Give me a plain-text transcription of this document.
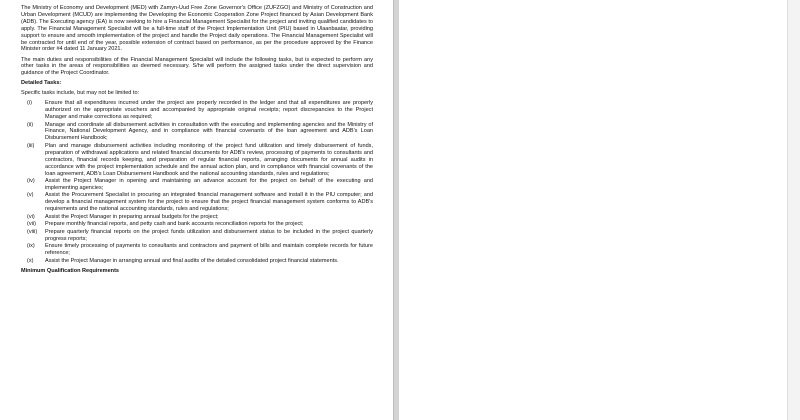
The Ministry of Economy and Development (MED) with Zamyn-Uud Free Zone Governor's Office (ZUFZGO) and Ministry of Construction and Urban Development (MCUD) are implementing the Developing the Economic Cooperation Zone Project financed by Asian Development Bank (ADB). The Executing agency (EA) is now seeking to hire a Financial Management Specialist for the project and inviting qualified candidates to apply. The Financial Management Specialist will be a full-time staff of the Project Implementation Unit (PIU) based in Ulaanbaatar, providing support to ensure and smooth implementation of the project and handle the Project daily operations. The Financial Management Specialist will be contracted for until end of the year, possible extension of contract based on performance, as per the procedure approved by the Finance Minister order #4 dated 11 January 2021.

The main duties and responsibilities of the Financial Management Specialist will include the following tasks, but is expected to perform any other tasks in the areas of responsibilities as deemed necessary. S/he will perform the assigned tasks under the direct supervision and guidance of the Project Coordinator.

Detailed Tasks:
Specific tasks include, but may not be limited to:
(i)	Ensure that all expenditures incurred under the project are properly recorded in the ledger and that all expenditures are properly authorized on the appropriate vouchers and accompanied by appropriate original receipts; report discrepancies to the Project Manager and make corrections as required;
(ii)	Manage and coordinate all disbursement activities in consultation with the executing and implementing agencies and the Ministry of Finance, National Development Agency, and in compliance with financial covenants of the loan agreement and ADB's Loan Disbursement Handbook;
(iii)	Plan and manage disbursement activities including monitoring of the project fund utilization and timely disbursement of funds, preparation of withdrawal applications and related financial documents for ADB's review, processing of payments to consultants and contractors, financial records keeping, and preparation of regular financial reports, arranging documents for annual audits in accordance with the project implementation schedule and the annual action plan, and in compliance with financial covenants of the loan agreement, ADB's Loan Disbursement Handbook and the national accounting standards, rules and regulations;
(iv)	Assist the Project Manager in opening and maintaining an advance account for the project on behalf of the executing and implementing agencies;
(v)	Assist the Procurement Specialist in procuring an integrated financial management software and install it in the PIU computer; and develop a financial management system for the project to ensure that the project financial management system conforms to ADB's requirements and the national accounting standards, rules and regulations;
(vi)	Assist the Project Manager in preparing annual budgets for the project;
(vii)	Prepare monthly financial reports, and petty cash and bank accounts reconciliation reports for the project;
(viii)	Prepare quarterly financial reports on the project funds utilization and disbursement status to be included in the project quarterly progress reports;
(ix)	Ensure timely processing of payments to consultants and contractors and payment of bills and maintain complete records for future reference;
(x)	Assist the Project Manager in arranging annual and final audits of the detailed consolidated project financial statements.
Minimum Qualification Requirements
